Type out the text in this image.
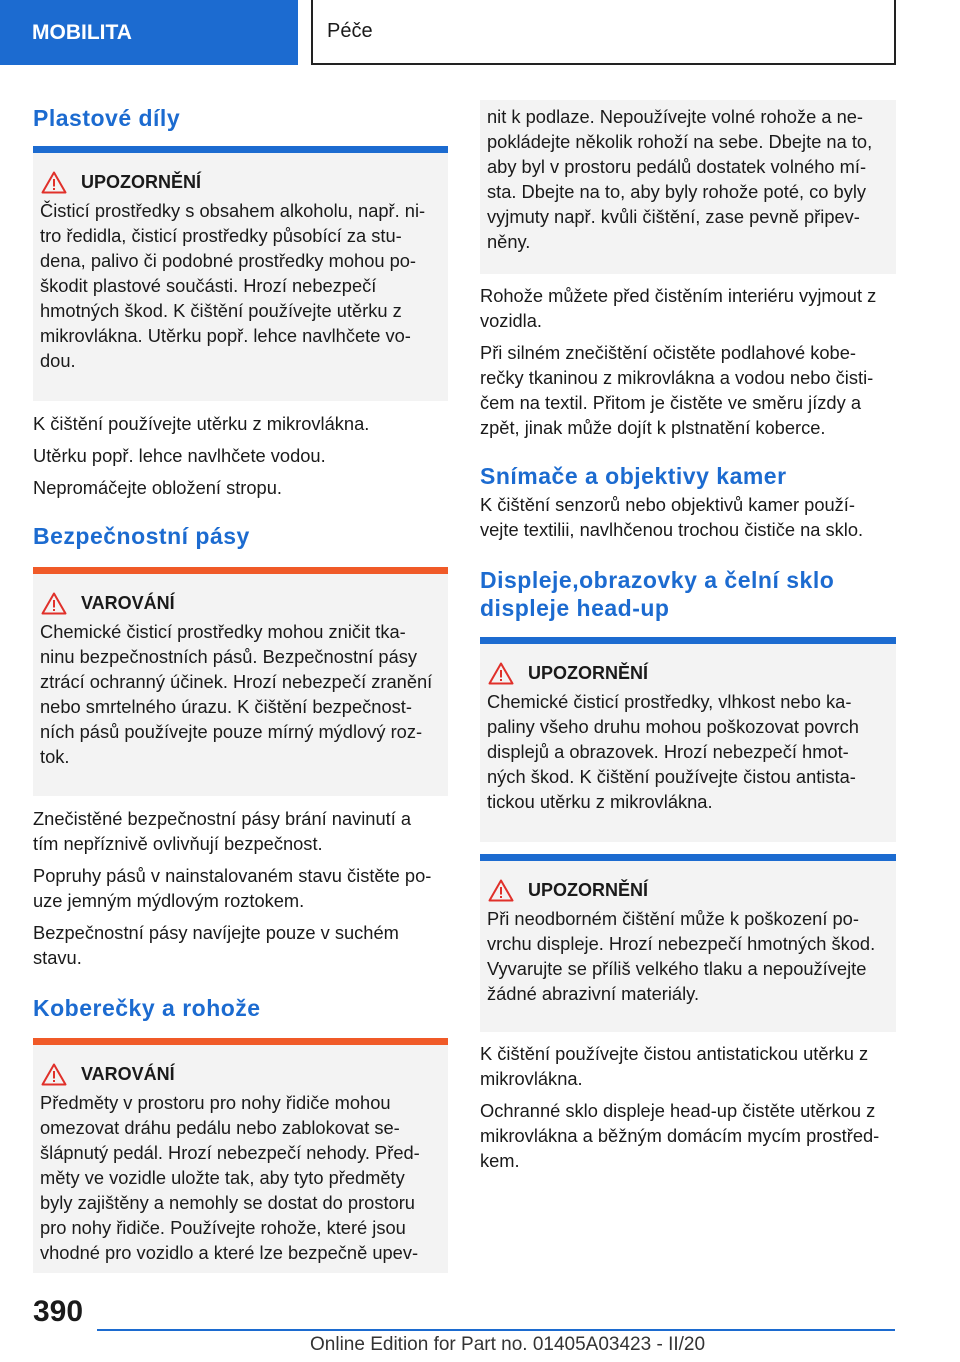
MOBILITA	Péče
Plastové díly
UPOZORNĚNÍ
Čisticí prostředky s obsahem alkoholu, např. ni-
tro ředidla, čisticí prostředky působící za stu-
dena, palivo či podobné prostředky mohou po-
škodit plastové součásti. Hrozí nebezpečí
hmotných škod. K čištění používejte utěrku z
mikrovlákna. Utěrku popř. lehce navlhčete vo-
dou.

K čištění používejte utěrku z mikrovlákna.

Utěrku popř. lehce navlhčete vodou.

Nepromáčejte obložení stropu.

Bezpečnostní pásy
VAROVÁNÍ
Chemické čisticí prostředky mohou zničit tka-
ninu bezpečnostních pásů. Bezpečnostní pásy
ztrácí ochranný účinek. Hrozí nebezpečí zranění
nebo smrtelného úrazu. K čištění bezpečnost-
ních pásů používejte pouze mírný mýdlový roz-
tok.

Znečistěné bezpečnostní pásy brání navinutí a

tím nepříznivě ovlivňují bezpečnost.

Popruhy pásů v nainstalovaném stavu čistěte po-

uze jemným mýdlovým roztokem.

Bezpečnostní pásy navíjejte pouze v suchém

stavu.

Koberečky a rohože
VAROVÁNÍ
Předměty v prostoru pro nohy řidiče mohou
omezovat dráhu pedálu nebo zablokovat se-
šlápnutý pedál. Hrozí nebezpečí nehody. Před-
měty ve vozidle uložte tak, aby tyto předměty
byly zajištěny a nemohly se dostat do prostoru
pro nohy řidiče. Používejte rohože, které jsou
vhodné pro vozidlo a které lze bezpečně upev-
nit k podlaze. Nepoužívejte volné rohože a ne-
pokládejte několik rohoží na sebe. Dbejte na to,
aby byl v prostoru pedálů dostatek volného mí-
sta. Dbejte na to, aby byly rohože poté, co byly
vyjmuty např. kvůli čištění, zase pevně připev-
něny.

Rohože můžete před čistěním interiéru vyjmout z

vozidla.

Při silném znečištění očistěte podlahové kobe-

rečky tkaninou z mikrovlákna a vodou nebo čisti-

čem na textil. Přitom je čistěte ve směru jízdy a

zpět, jinak může dojít k plstnatění koberce.

Snímače a objektivy kamer

K čištění senzorů nebo objektivů kamer použí-

vejte textilii, navlhčenou trochou čističe na sklo.

Displeje,obrazovky a čelní sklo
displeje head-up
UPOZORNĚNÍ
Chemické čisticí prostředky, vlhkost nebo ka-
paliny všeho druhu mohou poškozovat povrch
displejů a obrazovek. Hrozí nebezpečí hmot-
ných škod. K čištění používejte čistou antista-
tickou utěrku z mikrovlákna.
UPOZORNĚNÍ
Při neodborném čištění může k poškození po-
vrchu displeje. Hrozí nebezpečí hmotných škod.
Vyvarujte se příliš velkého tlaku a nepoužívejte
žádné abrazivní materiály.

K čištění používejte čistou antistatickou utěrku z

mikrovlákna.

Ochranné sklo displeje head-up čistěte utěrkou z

mikrovlákna a běžným domácím mycím prostřed-

kem.

390
Online Edition for Part no. 01405A03423 - II/20
